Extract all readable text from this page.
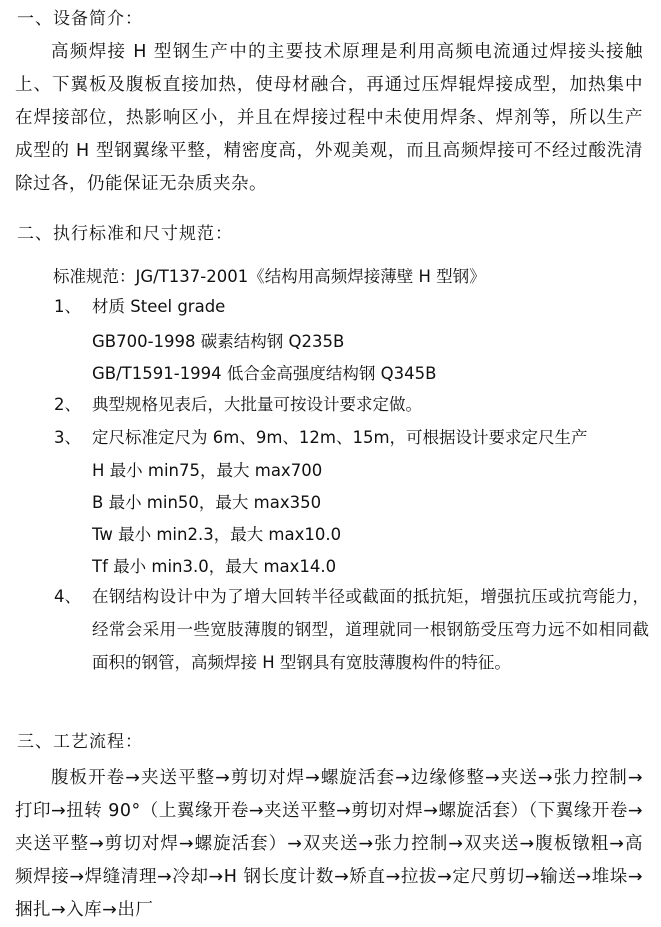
一、设备简介：
高频焊接 H 型钢生产中的主要技术原理是利用高频电流通过焊接头接触上、下翼板及腹板直接加热，使母材融合，再通过压焊辊焊接成型，加热集中在焊接部位，热影响区小，并且在焊接过程中未使用焊条、焊剂等，所以生产成型的 H 型钢翼缘平整，精密度高，外观美观，而且高频焊接可不经过酸洗清除过各，仍能保证无杂质夹杂。
二、执行标准和尺寸规范：
标准规范：JG/T137-2001《结构用高频焊接薄壁 H 型钢》
1、 材质 Steel grade
GB700-1998 碳素结构钢 Q235B
GB/T1591-1994 低合金高强度结构钢 Q345B
2、 典型规格见表后，大批量可按设计要求定做。
3、 定尺标准定尺为 6m、9m、12m、15m，可根据设计要求定尺生产
H 最小 min75，最大 max700
B 最小 min50，最大 max350
Tw 最小 min2.3，最大 max10.0
Tf 最小 min3.0，最大 max14.0
4、 在钢结构设计中为了增大回转半径或截面的抵抗矩，增强抗压或抗弯能力，经常会采用一些宽肢薄腹的钢型，道理就同一根钢筋受压弯力远不如相同截面积的钢管，高频焊接 H 型钢具有宽肢薄腹构件的特征。
三、工艺流程：
腹板开卷→夹送平整→剪切对焊→螺旋活套→边缘修整→夹送→张力控制→打印→扭转 90°（上翼缘开卷→夹送平整→剪切对焊→螺旋活套）（下翼缘开卷→夹送平整→剪切对焊→螺旋活套）→双夹送→张力控制→双夹送→腹板镦粗→高频焊接→焊缝清理→冷却→H 钢长度计数→矫直→拉拔→定尺剪切→输送→堆垛→捆扎→入库→出厂
